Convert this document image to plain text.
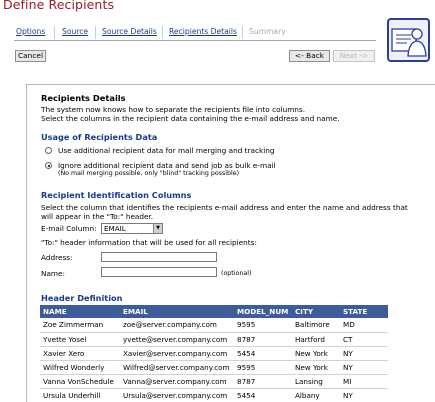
Define Recipients
Options Source Source Details Recipients Details Summary
Cancel	<- Back	Next ->
Recipients Details
The system now knows how to separate the recipients file into columns.
Select the columns in the recipient data containing the e-mail address and name.
Usage of Recipients Data
Use additional recipient data for mail merging and tracking
Ignore additional recipient data and send job as bulk e-mail
(No mail merging possible, only "blind" tracking possible)
Recipient Identification Columns
Select the column that identifies the recipients e-mail address and enter the name and address that
will appear in the "To:" header.
E-mail Column:	EMAIL	▼
"To:" header information that will be used for all recipients:
Address:
Name:	(optional)
Header Definition
NAME	EMAIL	MODEL_NUM	CITY	STATE
Zoe Zimmerman	zoe@server.company.com	9595	Baltimore	MD
Yvette Yosel	yvette@server.company.com	8787	Hartford	CT
Xavier Xero	Xavier@server.company.com	5454	New York	NY
Wilfred Wonderly	Wilfred@server.company.com	9595	New York	NY
Vanna VonSchedule	Vanna@server.company.com	8787	Lansing	MI
Ursula Underhill	Ursula@server.company.com	5454	Albany	NY
